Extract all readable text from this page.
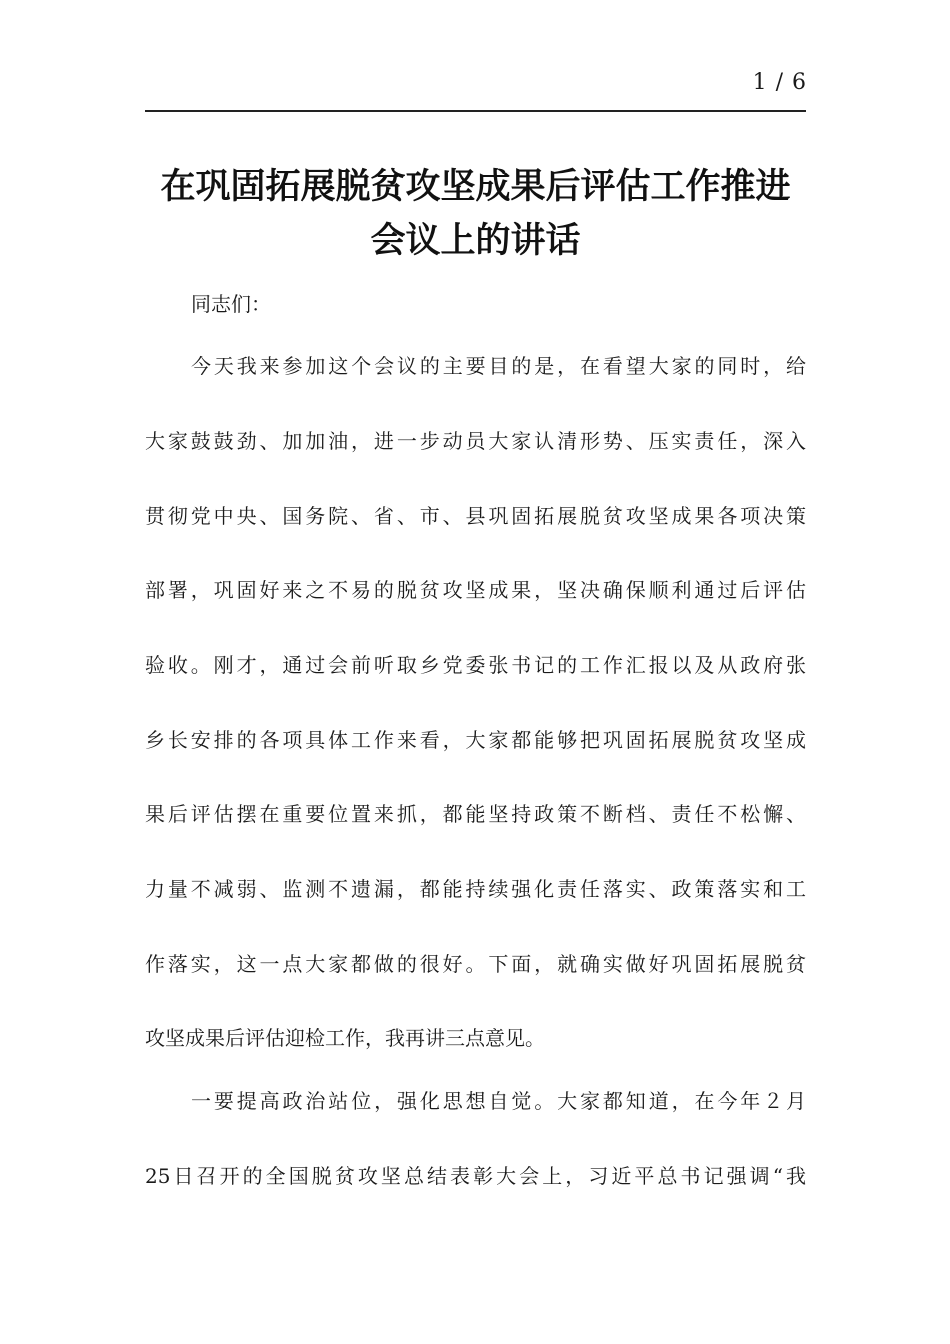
1 / 6
在巩固拓展脱贫攻坚成果后评估工作推进
会议上的讲话
同志们：
今天我来参加这个会议的主要目的是，在看望大家的同时，给
大家鼓鼓劲、加加油，进一步动员大家认清形势、压实责任，深入
贯彻党中央、国务院、省、市、县巩固拓展脱贫攻坚成果各项决策
部署，巩固好来之不易的脱贫攻坚成果，坚决确保顺利通过后评估
验收。刚才，通过会前听取乡党委张书记的工作汇报以及从政府张
乡长安排的各项具体工作来看，大家都能够把巩固拓展脱贫攻坚成
果后评估摆在重要位置来抓，都能坚持政策不断档、责任不松懈、
力量不减弱、监测不遗漏，都能持续强化责任落实、政策落实和工
作落实，这一点大家都做的很好。下面，就确实做好巩固拓展脱贫
攻坚成果后评估迎检工作，我再讲三点意见。
一要提高政治站位，强化思想自觉。大家都知道，在今年２月
25日召开的全国脱贫攻坚总结表彰大会上，习近平总书记强调“我
